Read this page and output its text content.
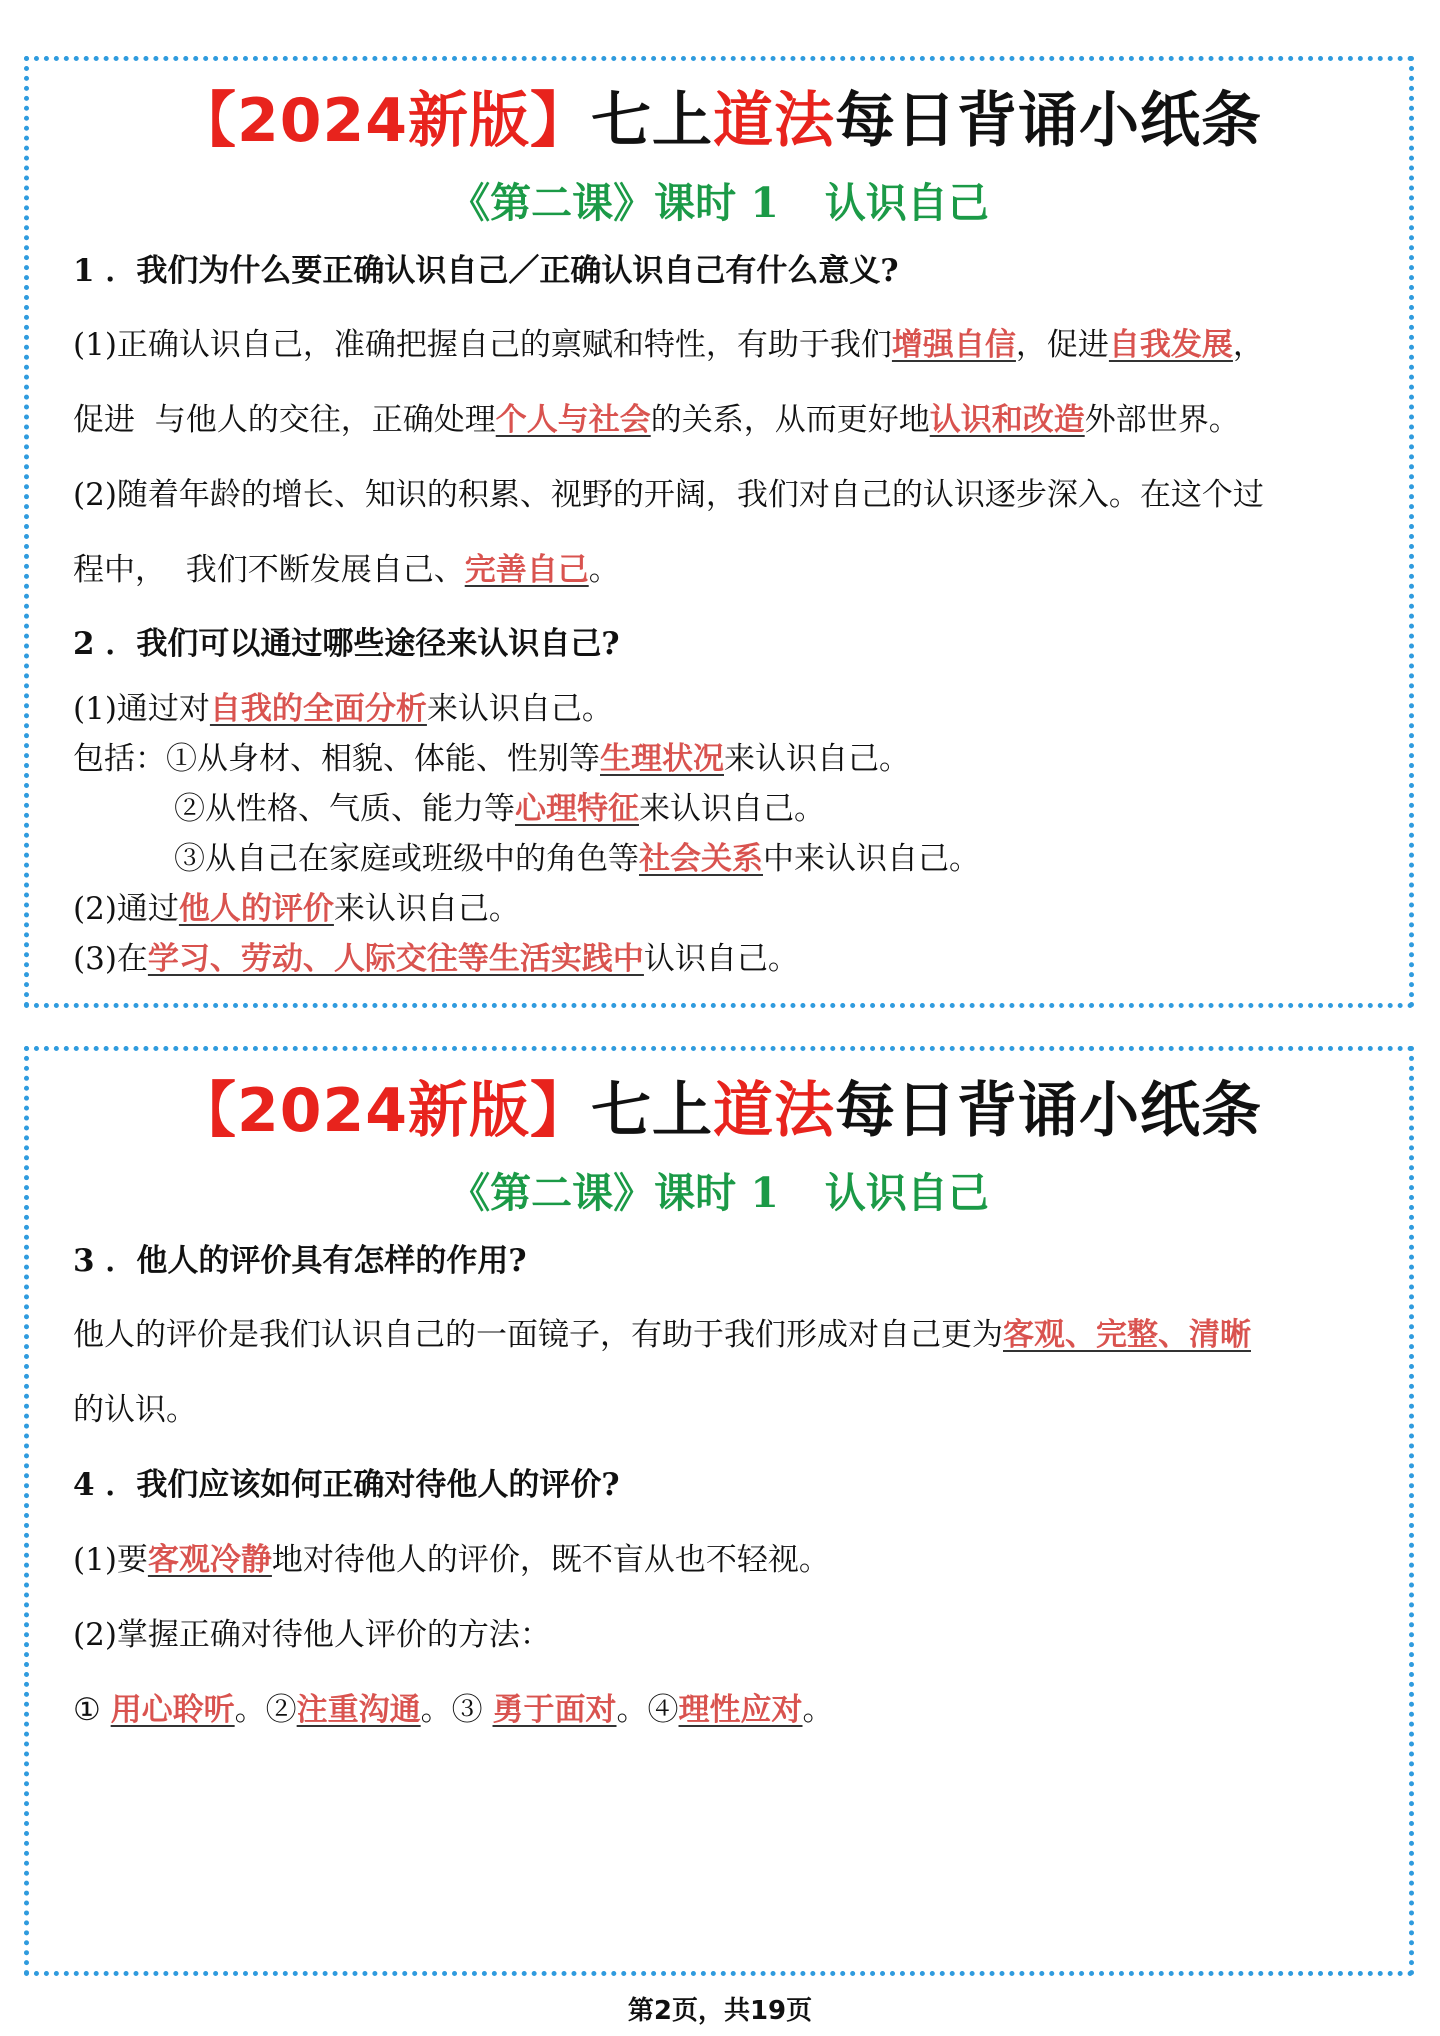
【2024新版】七上道法每日背诵小纸条
《第二课》课时 1 认识自己
1 ．我们为什么要正确认识自己／正确认识自己有什么意义?
(1)正确认识自己，准确把握自己的禀赋和特性，有助于我们增强自信，促进自我发展，
促进  与他人的交往，正确处理个人与社会的关系，从而更好地认识和改造外部世界。
(2)随着年龄的增长、知识的积累、视野的开阔，我们对自己的认识逐步深入。在这个过
程中，  我们不断发展自己、完善自己。
2 ．我们可以通过哪些途径来认识自己?
(1)通过对自我的全面分析来认识自己。
包括：①从身材、相貌、体能、性别等生理状况来认识自己。
②从性格、气质、能力等心理特征来认识自己。
③从自己在家庭或班级中的角色等社会关系中来认识自己。
(2)通过他人的评价来认识自己。
(3)在学习、劳动、人际交往等生活实践中认识自己。
【2024新版】七上道法每日背诵小纸条
《第二课》课时 1 认识自己
3 ．他人的评价具有怎样的作用?
他人的评价是我们认识自己的一面镜子，有助于我们形成对自己更为客观、完整、清晰
的认识。
4 ．我们应该如何正确对待他人的评价?
(1)要客观冷静地对待他人的评价，既不盲从也不轻视。
(2)掌握正确对待他人评价的方法：
① 用心聆听。②注重沟通。③ 勇于面对。④理性应对。
第2页，共19页
